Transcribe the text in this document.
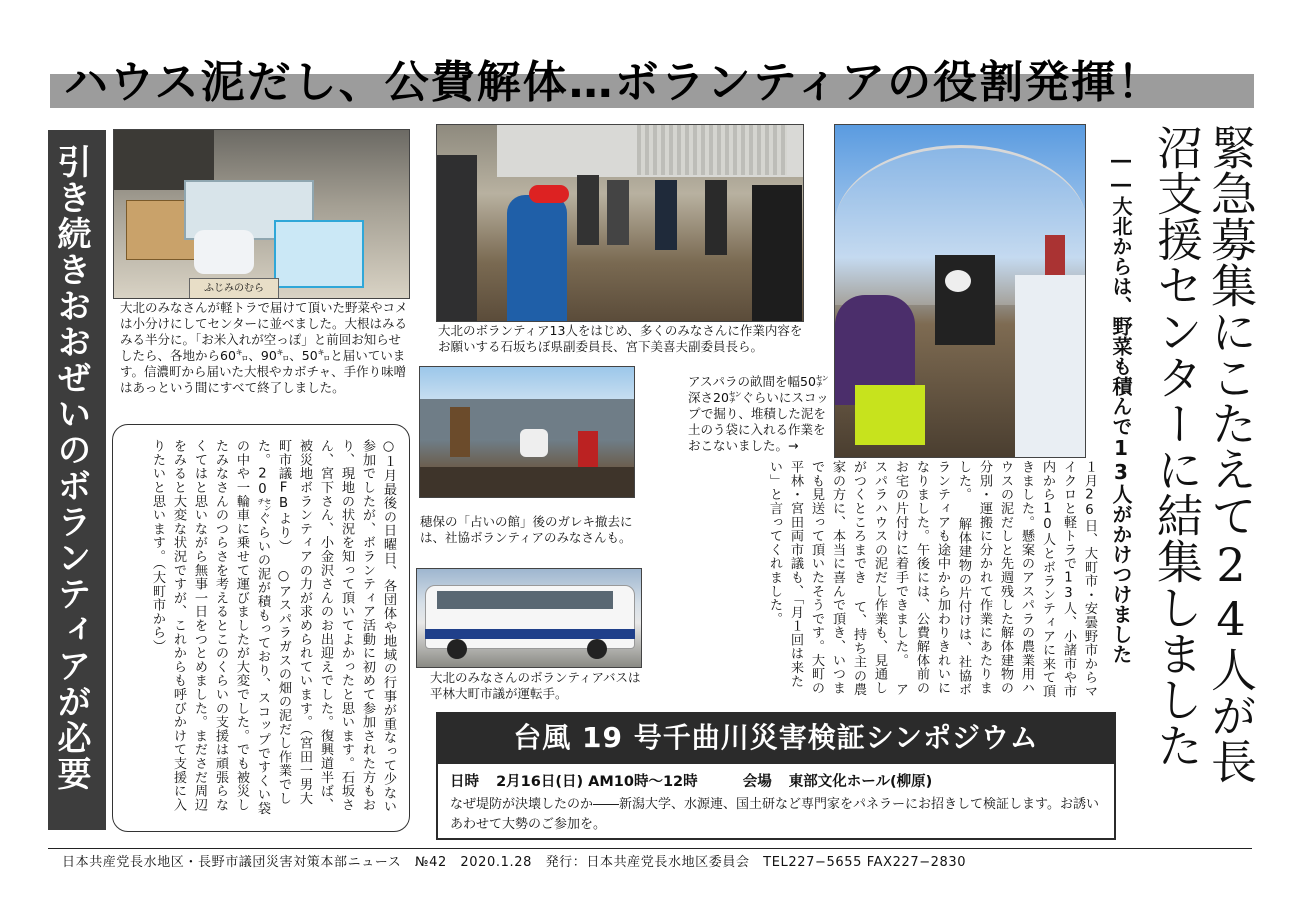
ハウス泥だし、公費解体…ボランティアの役割発揮！
引き続きおおぜいのボランティアが必要です
ふじみのむら
大北のみなさんが軽トラで届けて頂いた野菜やコメは小分けにしてセンターに並べました。大根はみるみる半分に。「お米入れが空っぽ」と前回お知らせしたら、各地から60㌔、90㌔、50㌔と届いています。信濃町から届いた大根やカボチャ、手作り味噌はあっという間にすべて終了しました。
大北のボランティア13人をはじめ、多くのみなさんに作業内容をお願いする石坂ちぼ県副委員長、宮下美喜夫副委員長ら。
アスパラの畝間を幅50㌢深さ20㌢ぐらいにスコップで掘り、堆積した泥を土のう袋に入れる作業をおこないました。→
穂保の「占いの館」後のガレキ撤去には、社協ボランティアのみなさんも。
大北のみなさんのボランティアバスは平林大町市議が運転手。
○１月最後の日曜日、各団体や地域の行事が重なって少ない参加でしたが、ボランティア活動に初めて参加された方もおり、現地の状況を知って頂いてよかったと思います。石坂さん、宮下さん、小金沢さんのお出迎えでした。復興道半ば、被災地ボランティアの力が求められています。（宮田一男大町市議FBより） ○アスパラガスの畑の泥だし作業でした。20㌢ぐらいの泥が積もっており、スコップですくい袋の中や一輪車に乗せて運びましたが大変でした。でも被災したみなさんのつらさを考えるとこのくらいの支援は頑張らなくてはと思いながら無事一日をつとめました。まださだ周辺をみると大変な状況ですが、これからも呼びかけて支援に入りたいと思います。（大町市から）	緊急募集にこたえて24人が長沼支援センターに結集しました
――大北からは、野菜も積んで13人がかけつけました
１月26日、大町市・安曇野市からマイクロと軽トラで13人、小諸市や市内から10人とボランティアに来て頂きました。懸案のアスパラの農業用ハウスの泥だしと先週残した解体建物の分別・運搬に分かれて作業にあたりました。 解体建物の片付けは、社協ボランティアも途中から加わりきれいになりました。午後には、公費解体前のお宅の片付けに着手できました。 アスパラハウスの泥だし作業も、見通しがつくところまでき て、持ち主の農家の方に、本当に喜んで頂き、いつまでも見送って頂いたそうです。大町の平林・宮田両市議も、「月１回は来たい」と言ってくれました。
台風 19 号千曲川災害検証シンポジウム
日時 2月16日(日) AM10時〜12時	会場 東部文化ホール(柳原)
なぜ堤防が決壊したのか――新潟大学、水源連、国土研など専門家をパネラーにお招きして検証します。お誘いあわせて大勢のご参加を。
日本共産党長水地区・長野市議団災害対策本部ニュース　№42　2020.1.28　発行：日本共産党長水地区委員会　TEL227−5655 FAX227−2830
